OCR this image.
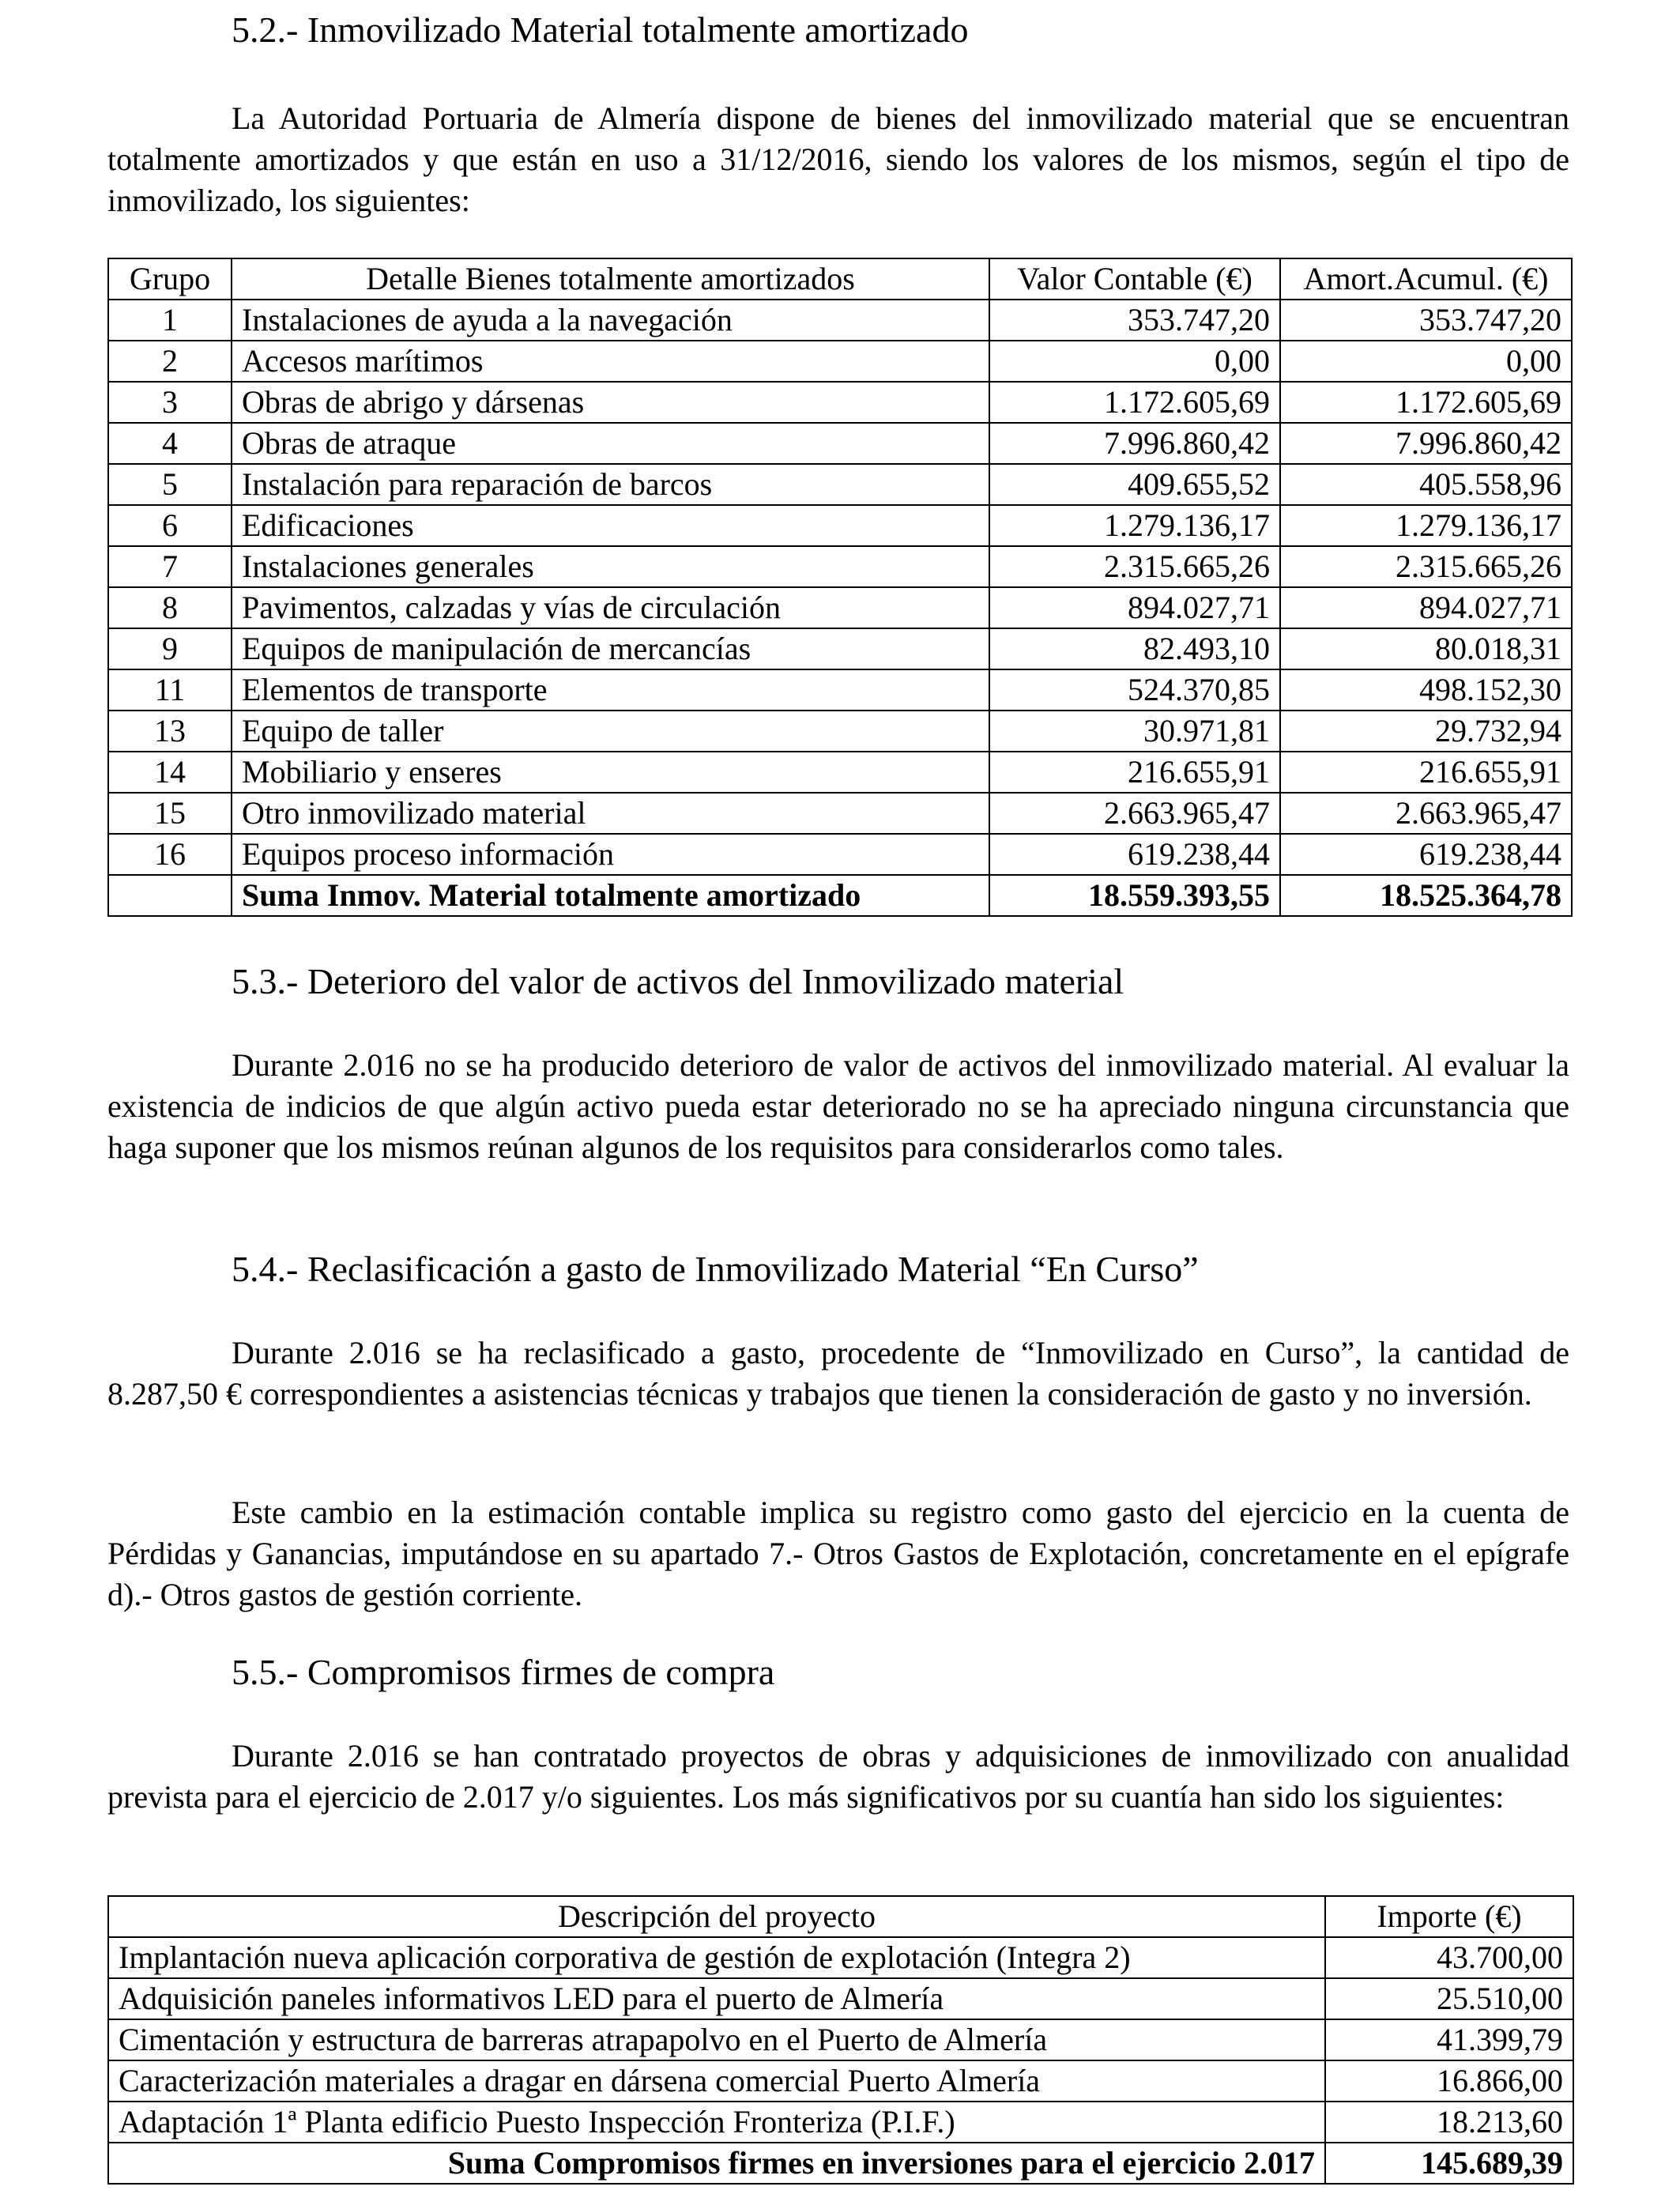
5.2.- Inmovilizado Material totalmente amortizado

La Autoridad Portuaria de Almería dispone de bienes del inmovilizado material que se encuentran totalmente amortizados y que están en uso a 31/12/2016, siendo los valores de los mismos, según el tipo de inmovilizado, los siguientes:

Grupo	Detalle Bienes totalmente amortizados	Valor Contable (€)	Amort.Acumul. (€)
1	Instalaciones de ayuda a la navegación	353.747,20	353.747,20
2	Accesos marítimos	0,00	0,00
3	Obras de abrigo y dársenas	1.172.605,69	1.172.605,69
4	Obras de atraque	7.996.860,42	7.996.860,42
5	Instalación para reparación de barcos	409.655,52	405.558,96
6	Edificaciones	1.279.136,17	1.279.136,17
7	Instalaciones generales	2.315.665,26	2.315.665,26
8	Pavimentos, calzadas y vías de circulación	894.027,71	894.027,71
9	Equipos de manipulación de mercancías	82.493,10	80.018,31
11	Elementos de transporte	524.370,85	498.152,30
13	Equipo de taller	30.971,81	29.732,94
14	Mobiliario y enseres	216.655,91	216.655,91
15	Otro inmovilizado material	2.663.965,47	2.663.965,47
16	Equipos proceso información	619.238,44	619.238,44
	Suma Inmov. Material totalmente amortizado	18.559.393,55	18.525.364,78
5.3.- Deterioro del valor de activos del Inmovilizado material

Durante 2.016 no se ha producido deterioro de valor de activos del inmovilizado material. Al evaluar la existencia de indicios de que algún activo pueda estar deteriorado no se ha apreciado ninguna circunstancia que haga suponer que los mismos reúnan algunos de los requisitos para considerarlos como tales.

5.4.- Reclasificación a gasto de Inmovilizado Material “En Curso”

Durante 2.016 se ha reclasificado a gasto, procedente de “Inmovilizado en Curso”, la cantidad de 8.287,50 € correspondientes a asistencias técnicas y trabajos que tienen la consideración de gasto y no inversión.

Este cambio en la estimación contable implica su registro como gasto del ejercicio en la cuenta de Pérdidas y Ganancias, imputándose en su apartado 7.- Otros Gastos de Explotación, concretamente en el epígrafe d).- Otros gastos de gestión corriente.

5.5.- Compromisos firmes de compra

Durante 2.016 se han contratado proyectos de obras y adquisiciones de inmovilizado con anualidad prevista para el ejercicio de 2.017 y/o siguientes. Los más significativos por su cuantía han sido los siguientes:

Descripción del proyecto	Importe (€)
Implantación nueva aplicación corporativa de gestión de explotación (Integra 2)	43.700,00
Adquisición paneles informativos LED para el puerto de Almería	25.510,00
Cimentación y estructura de barreras atrapapolvo en el Puerto de Almería	41.399,79
Caracterización materiales a dragar en dársena comercial Puerto Almería	16.866,00
Adaptación 1ª Planta edificio Puesto Inspección Fronteriza (P.I.F.)	18.213,60
Suma Compromisos firmes en inversiones para el ejercicio 2.017	145.689,39
